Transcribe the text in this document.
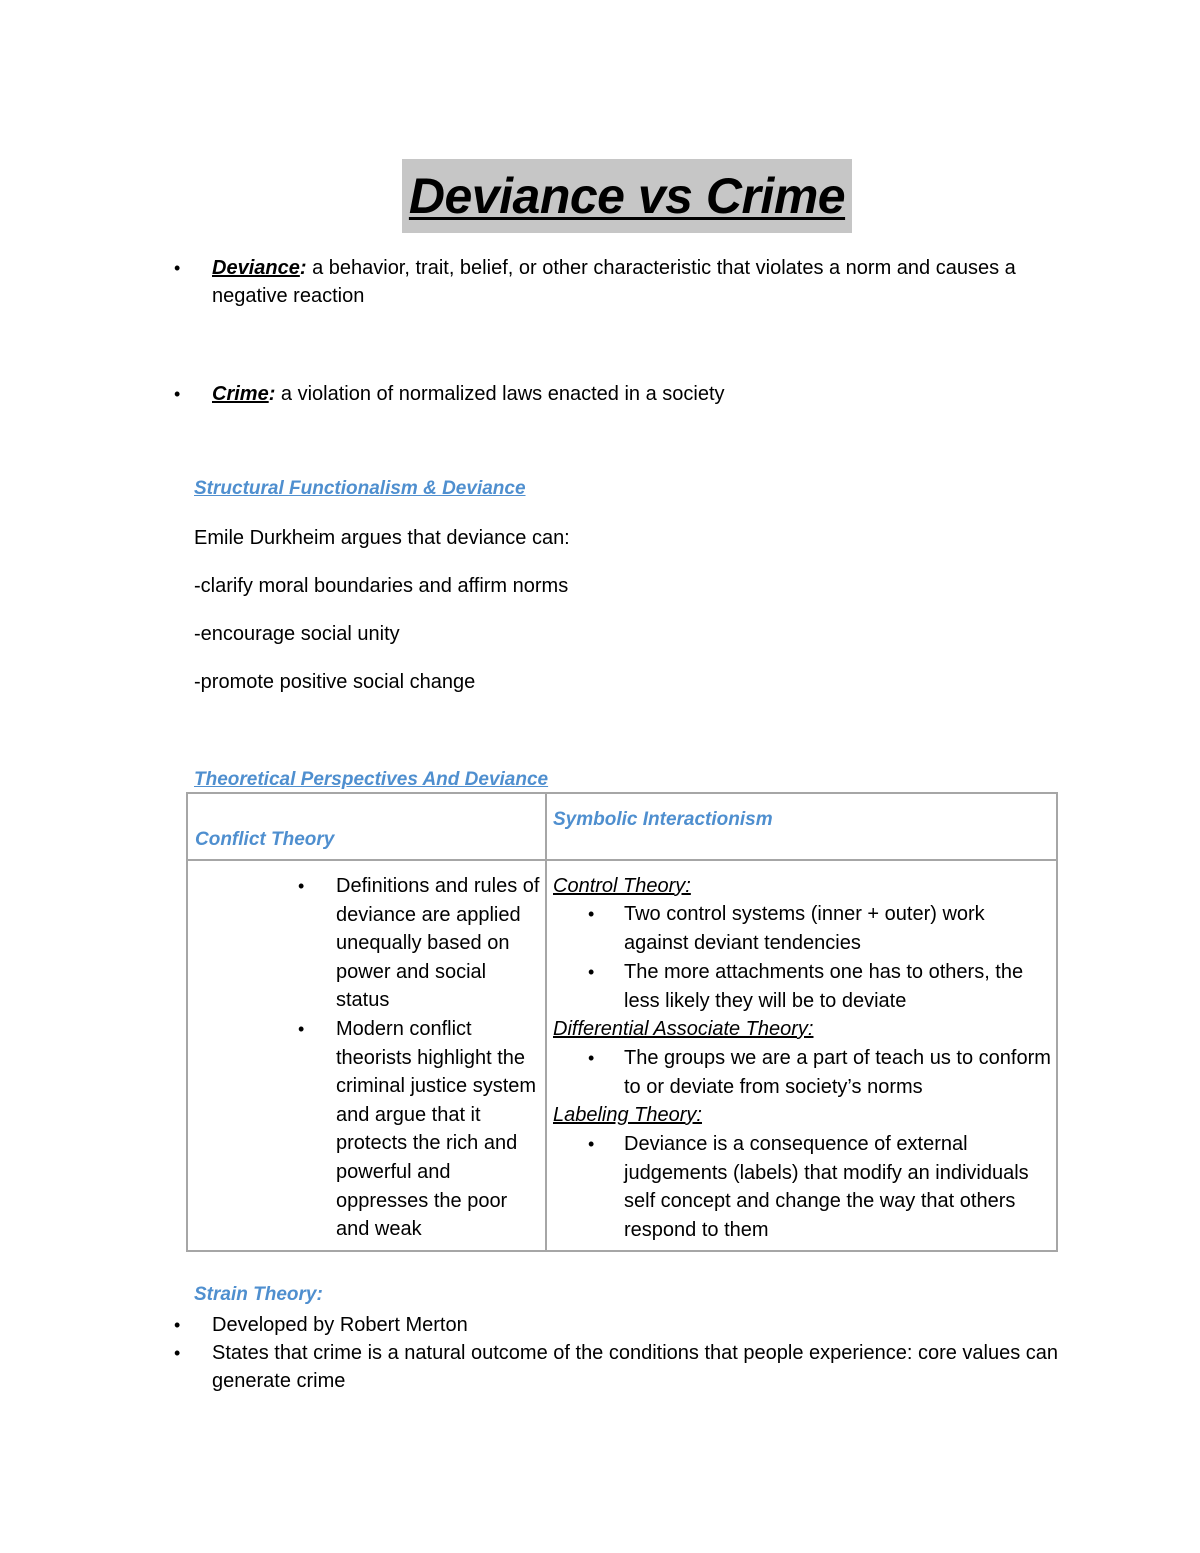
Deviance vs Crime
• Deviance: a behavior, trait, belief, or other characteristic that violates a norm and causes a negative reaction
• Crime: a violation of normalized laws enacted in a society
Structural Functionalism & Deviance
Emile Durkheim argues that deviance can:
-clarify moral boundaries and affirm norms
-encourage social unity
-promote positive social change
Theoretical Perspectives And Deviance
Conflict Theory
Symbolic Interactionism
• Definitions and rules of deviance are applied unequally based on power and social status
• Modern conflict theorists highlight the criminal justice system and argue that it protects the rich and powerful and oppresses the poor and weak
Control Theory:
• Two control systems (inner + outer) work against deviant tendencies
• The more attachments one has to others, the less likely they will be to deviate
Differential Associate Theory:
• The groups we are a part of teach us to conform to or deviate from society’s norms
Labeling Theory:
• Deviance is a consequence of external judgements (labels) that modify an individuals self concept and change the way that others respond to them
Strain Theory:
• Developed by Robert Merton
• States that crime is a natural outcome of the conditions that people experience: core values can generate crime
